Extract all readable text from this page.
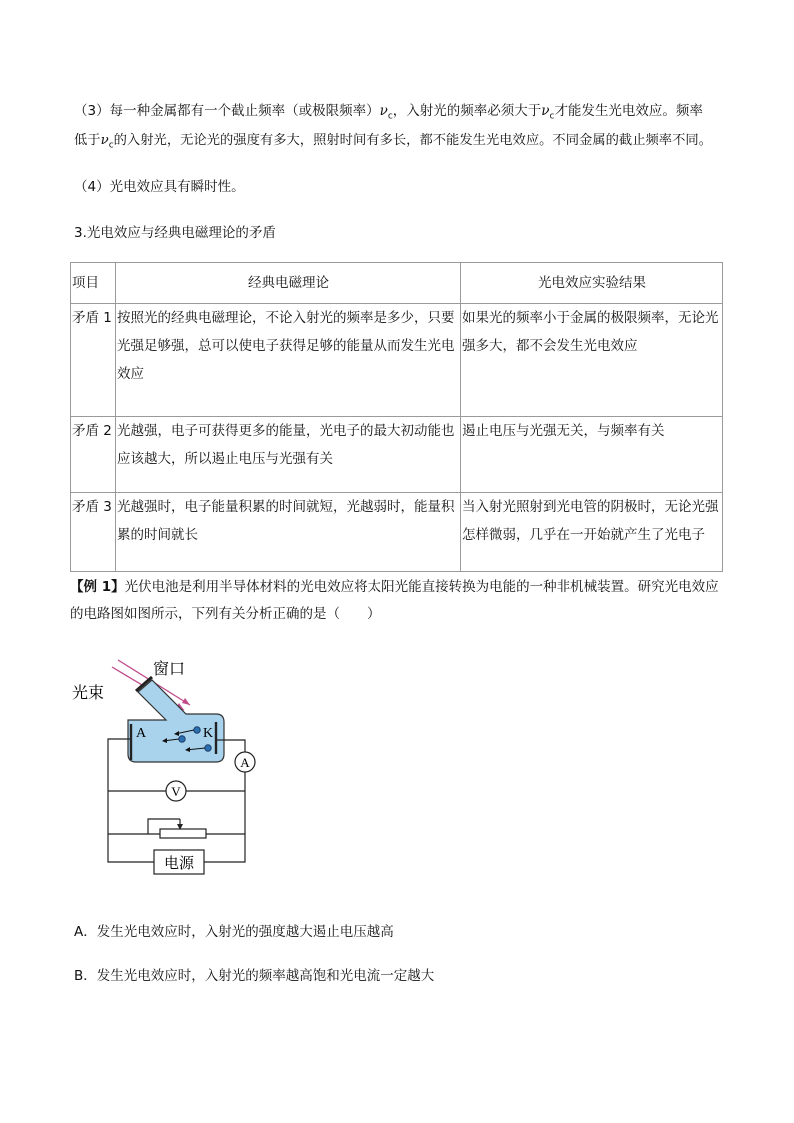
（3）每一种金属都有一个截止频率（或极限频率）$\nu_c$，入射光的频率必须大于$\nu_c$才能发生光电效应。频率
低于$\nu_c$的入射光，无论光的强度有多大，照射时间有多长，都不能发生光电效应。不同金属的截止频率不同。
（4）光电效应具有瞬时性。
3.光电效应与经典电磁理论的矛盾
项目	经典电磁理论	光电效应实验结果
矛盾 1	按照光的经典电磁理论，不论入射光的频率是多少，只要
光强足够强，总可以使电子获得足够的能量从而发生光电
效应	如果光的频率小于金属的极限频率，无论光
强多大，都不会发生光电效应

矛盾 2	光越强，电子可获得更多的能量，光电子的最大初动能也
应该越大，所以遏止电压与光强有关	遏止电压与光强无关，与频率有关

矛盾 3	光越强时，电子能量积累的时间就短，光越弱时，能量积
累的时间就长	当入射光照射到光电管的阴极时，无论光强
怎样微弱，几乎在一开始就产生了光电子
【例 1】光伏电池是利用半导体材料的光电效应将太阳光能直接转换为电能的一种非机械装置。研究光电效应的电路图如图所示，下列有关分析正确的是（　　）
光束
窗口
A	K
A
V
电源
A．发生光电效应时，入射光的强度越大遏止电压越高
B．发生光电效应时，入射光的频率越高饱和光电流一定越大
